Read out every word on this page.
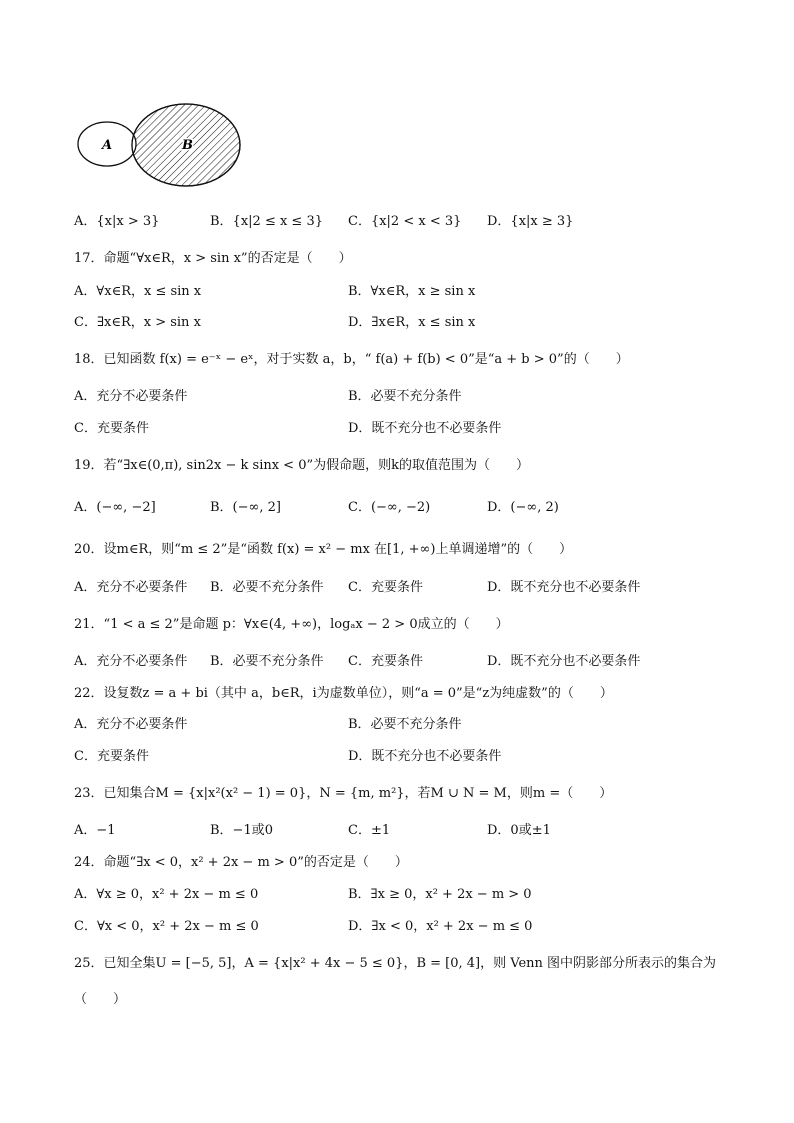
A	B
A．{x|x > 3}	B．{x|2 ≤ x ≤ 3} C．{x|2 < x < 3} D．{x|x ≥ 3}
17．命题“∀x∈R，x > sin x”的否定是（　　）
A．∀x∈R，x ≤ sin x	B．∀x∈R，x ≥ sin x
C．∃x∈R，x > sin x	D．∃x∈R，x ≤ sin x
18．已知函数 f(x) = e⁻ˣ − eˣ，对于实数 a，b，“ f(a) + f(b) < 0”是“a + b > 0”的（　　）
A．充分不必要条件	B．必要不充分条件
C．充要条件	D．既不充分也不必要条件
19．若“∃x∈(0,π), sin2x − k sinx < 0”为假命题，则k的取值范围为（　　）
A．(−∞, −2]	B．(−∞, 2]	C．(−∞, −2)	D．(−∞, 2)
20．设m∈R，则“m ≤ 2”是“函数 f(x) = x² − mx 在[1, +∞)上单调递增”的（　　）
A．充分不必要条件 B．必要不充分条件 C．充要条件	D．既不充分也不必要条件
21．“1 < a ≤ 2”是命题 p：∀x∈(4, +∞)，logₐx − 2 > 0成立的（　　）
A．充分不必要条件 B．必要不充分条件 C．充要条件	D．既不充分也不必要条件
22．设复数z = a + bi（其中 a，b∈R，i为虚数单位），则“a = 0”是“z为纯虚数”的（　　）
A．充分不必要条件	B．必要不充分条件
C．充要条件	D．既不充分也不必要条件
23．已知集合M = {x|x²(x² − 1) = 0}，N = {m, m²}，若M ∪ N = M，则m =（　　）
A．−1	B．−1或0	C．±1	D．0或±1
24．命题“∃x < 0，x² + 2x − m > 0”的否定是（　　）
A．∀x ≥ 0，x² + 2x − m ≤ 0	B．∃x ≥ 0，x² + 2x − m > 0
C．∀x < 0，x² + 2x − m ≤ 0	D．∃x < 0，x² + 2x − m ≤ 0
25．已知全集U = [−5, 5]，A = {x|x² + 4x − 5 ≤ 0}，B = [0, 4]，则 Venn 图中阴影部分所表示的集合为
（　　）
